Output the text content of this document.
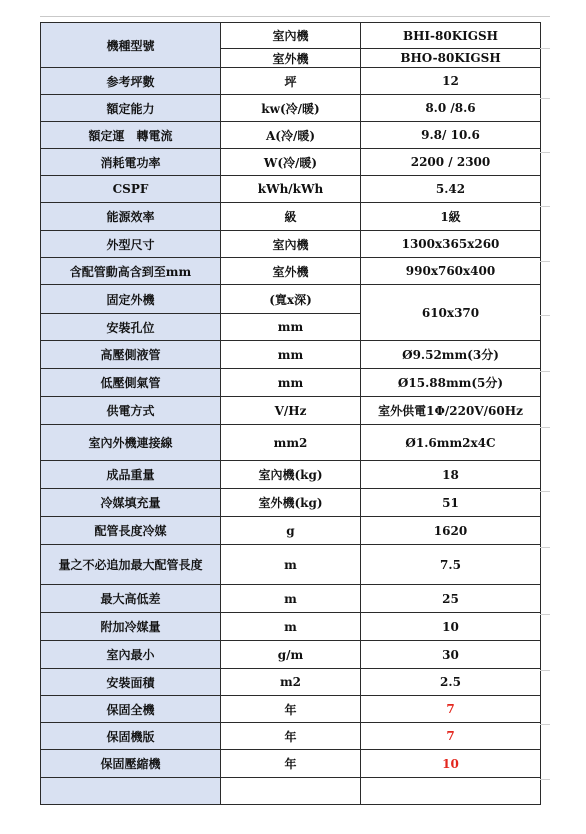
機種型號	室內機	BHI-80KIGSH
	室外機	BHO-80KIGSH
参考坪數	坪	12
額定能力	kw(冷/暖)	8.0 /8.6
額定運　轉電流	A(冷/暖)	9.8/ 10.6
消耗電功率	W(冷/暖)	2200 / 2300
CSPF	kWh/kWh	5.42
能源效率	級	1級
外型尺寸	室內機	1300x365x260
含配管動高含到至mm	室外機	990x760x400
固定外機	(寬x深)	610x370
安裝孔位	mm	
高壓側液管	mm	Ø9.52mm(3分)
低壓側氣管	mm	Ø15.88mm(5分)
供電方式	V/Hz	室外供電1Φ/220V/60Hz
室內外機連接線	mm2	Ø1.6mm2x4C
成品重量	室內機(kg)	18
冷媒填充量	室外機(kg)	51
配管長度冷媒	g	1620
量之不必追加最大配管長度	m	7.5
最大高低差	m	25
附加冷媒量	m	10
室內最小	g/m	30
安裝面積	m2	2.5
保固全機	年	7
保固機版	年	7
保固壓縮機	年	10
